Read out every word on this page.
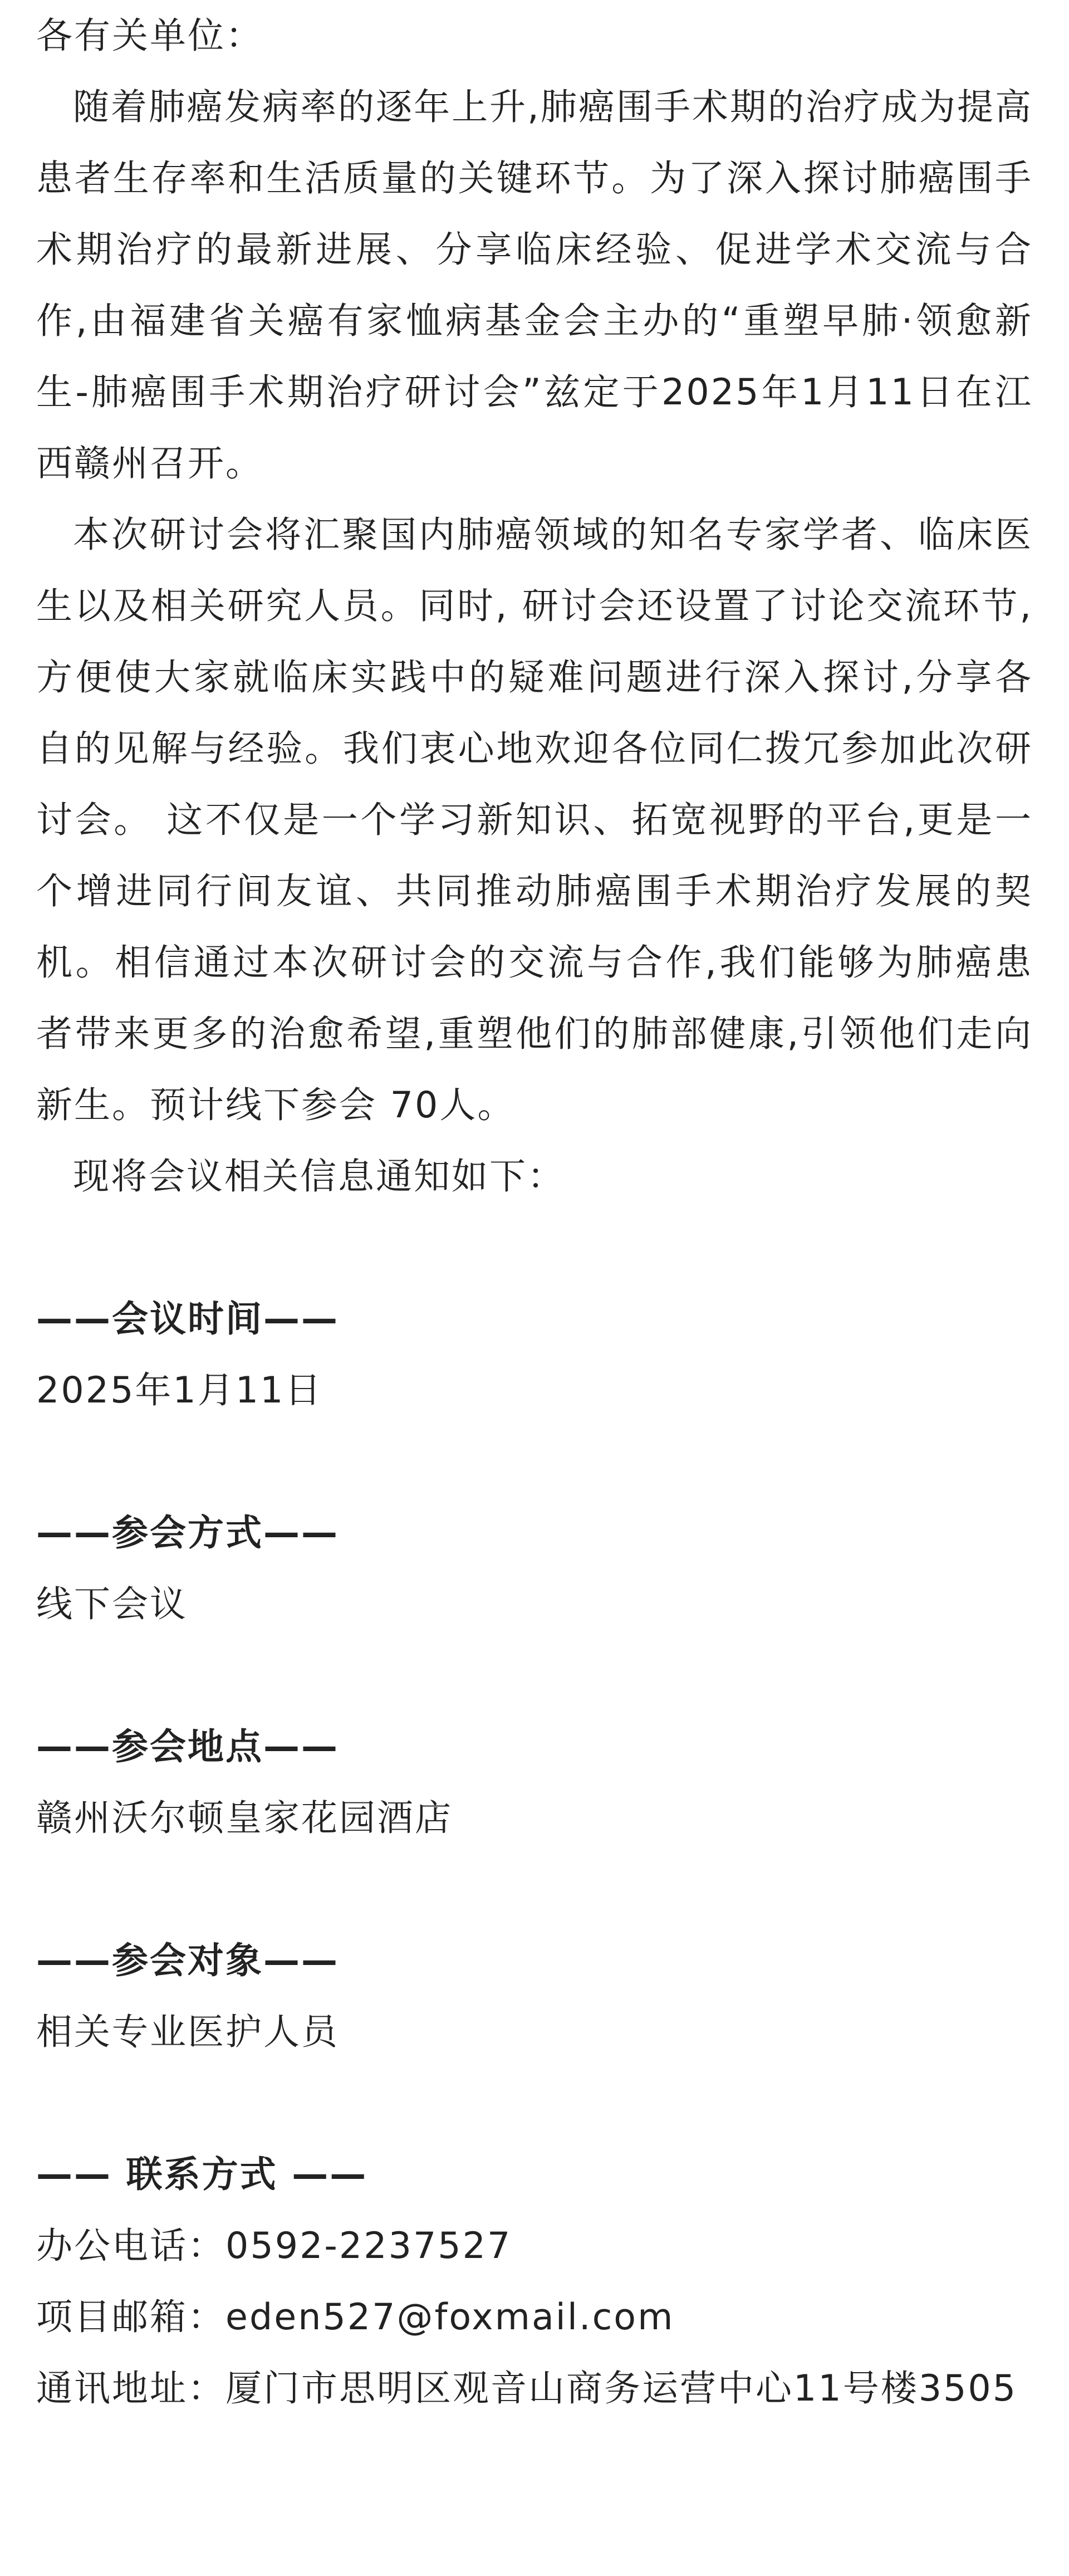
各有关单位：

随着肺癌发病率的逐年上升,肺癌围手术期的治疗成为提高患者生存率和生活质量的关键环节。为了深入探讨肺癌围手术期治疗的最新进展、分享临床经验、促进学术交流与合作,由福建省关癌有家恤病基金会主办的“重塑早肺·领愈新生-肺癌围手术期治疗研讨会”兹定于2025年1月11日在江西赣州召开。

本次研讨会将汇聚国内肺癌领域的知名专家学者、临床医生以及相关研究人员。同时, 研讨会还设置了讨论交流环节,方便使大家就临床实践中的疑难问题进行深入探讨,分享各自的见解与经验。我们衷心地欢迎各位同仁拨冗参加此次研讨会。 这不仅是一个学习新知识、拓宽视野的平台,更是一个增进同行间友谊、共同推动肺癌围手术期治疗发展的契机。相信通过本次研讨会的交流与合作,我们能够为肺癌患者带来更多的治愈希望,重塑他们的肺部健康,引领他们走向新生。预计线下参会 70人。

现将会议相关信息通知如下：

——会议时间——

2025年1月11日

——参会方式——

线下会议

——参会地点——

赣州沃尔顿皇家花园酒店

——参会对象——

相关专业医护人员

—— 联系方式 ——

办公电话：0592-2237527

项目邮箱：eden527@foxmail.com

通讯地址：厦门市思明区观音山商务运营中心11号楼3505
